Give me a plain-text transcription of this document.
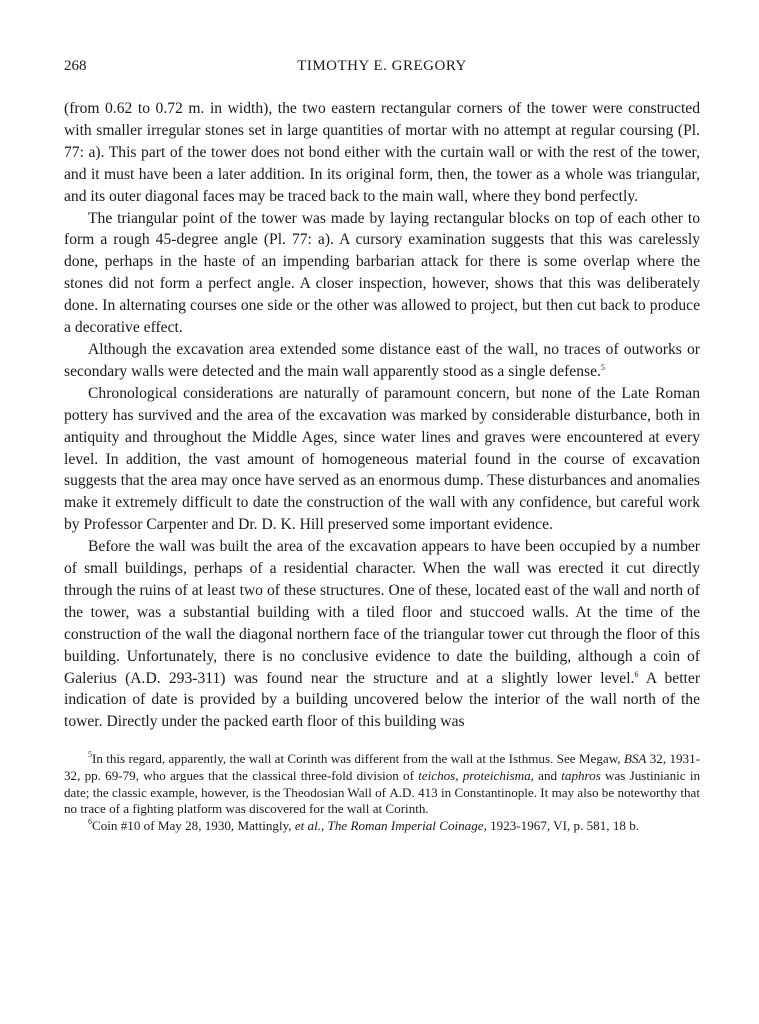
268	TIMOTHY E. GREGORY

(from 0.62 to 0.72 m. in width), the two eastern rectangular corners of the tower were constructed with smaller irregular stones set in large quantities of mortar with no attempt at regular coursing (Pl. 77: a). This part of the tower does not bond either with the curtain wall or with the rest of the tower, and it must have been a later addition. In its original form, then, the tower as a whole was triangular, and its outer diagonal faces may be traced back to the main wall, where they bond perfectly.

The triangular point of the tower was made by laying rectangular blocks on top of each other to form a rough 45-degree angle (Pl. 77: a). A cursory examination suggests that this was carelessly done, perhaps in the haste of an impending barbarian attack for there is some overlap where the stones did not form a perfect angle. A closer inspection, however, shows that this was deliberately done. In alternating courses one side or the other was allowed to project, but then cut back to produce a decorative effect.

Although the excavation area extended some distance east of the wall, no traces of outworks or secondary walls were detected and the main wall apparently stood as a single defense.$^5$

Chronological considerations are naturally of paramount concern, but none of the Late Roman pottery has survived and the area of the excavation was marked by considerable disturbance, both in antiquity and throughout the Middle Ages, since water lines and graves were encountered at every level. In addition, the vast amount of homogeneous material found in the course of excavation suggests that the area may once have served as an enormous dump. These disturbances and anomalies make it extremely difficult to date the construction of the wall with any confidence, but careful work by Professor Carpenter and Dr. D. K. Hill preserved some important evidence.

Before the wall was built the area of the excavation appears to have been occupied by a number of small buildings, perhaps of a residential character. When the wall was erected it cut directly through the ruins of at least two of these structures. One of these, located east of the wall and north of the tower, was a substantial building with a tiled floor and stuccoed walls. At the time of the construction of the wall the diagonal northern face of the triangular tower cut through the floor of this building. Unfortunately, there is no conclusive evidence to date the building, although a coin of Galerius (A.D. 293-311) was found near the structure and at a slightly lower level.$^6$ A better indication of date is provided by a building uncovered below the interior of the wall north of the tower. Directly under the packed earth floor of this building was

$^5$In this regard, apparently, the wall at Corinth was different from the wall at the Isthmus. See Megaw, BSA 32, 1931-32, pp. 69-79, who argues that the classical three-fold division of teichos, proteichisma, and taphros was Justinianic in date; the classic example, however, is the Theodosian Wall of A.D. 413 in Constantinople. It may also be noteworthy that no trace of a fighting platform was discovered for the wall at Corinth.

$^6$Coin #10 of May 28, 1930, Mattingly, et al., The Roman Imperial Coinage, 1923-1967, VI, p. 581, 18 b.
